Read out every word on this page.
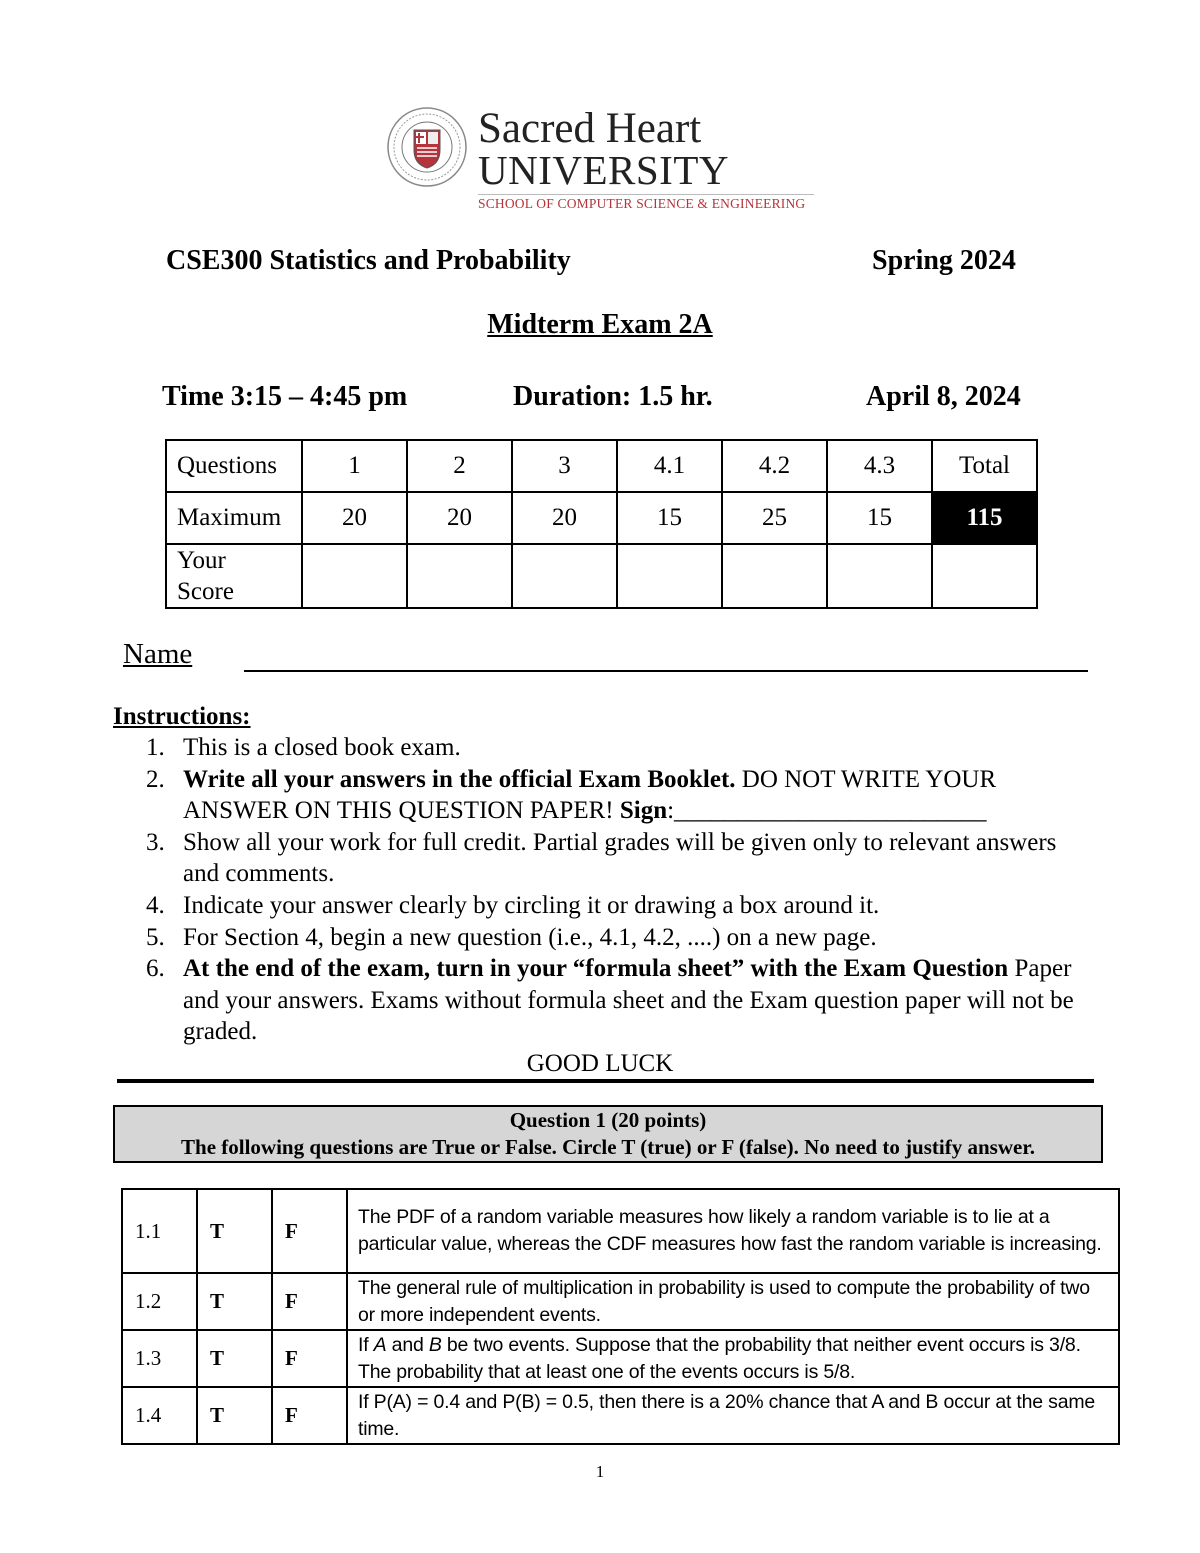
Sacred Heart
UNIVERSITY
SCHOOL OF COMPUTER SCIENCE & ENGINEERING
CSE300 Statistics and Probability	Spring 2024
Midterm Exam 2A
Time 3:15 – 4:45 pm	Duration: 1.5 hr.	April 8, 2024
Questions	1	2	3	4.1	4.2	4.3	Total
Maximum	20	20	20	15	25	15	115
Your
Score							
Name
Instructions:
1. This is a closed book exam.
2. Write all your answers in the official Exam Booklet. DO NOT WRITE YOUR ANSWER ON THIS QUESTION PAPER! Sign:_________________________
3. Show all your work for full credit. Partial grades will be given only to relevant answers and comments.
4. Indicate your answer clearly by circling it or drawing a box around it.
5. For Section 4, begin a new question (i.e., 4.1, 4.2, ....) on a new page.
6. At the end of the exam, turn in your “formula sheet” with the Exam Question Paper and your answers. Exams without formula sheet and the Exam question paper will not be graded.
GOOD LUCK
Question 1 (20 points)
The following questions are True or False. Circle T (true) or F (false). No need to justify answer.
1.1	T	F	The PDF of a random variable measures how likely a random variable is to lie at a particular value, whereas the CDF measures how fast the random variable is increasing.
1.2	T	F	The general rule of multiplication in probability is used to compute the probability of two or more independent events.
1.3	T	F	If A and B be two events. Suppose that the probability that neither event occurs is 3/8. The probability that at least one of the events occurs is 5/8.
1.4	T	F	If P(A) = 0.4 and P(B) = 0.5, then there is a 20% chance that A and B occur at the same time.
1
